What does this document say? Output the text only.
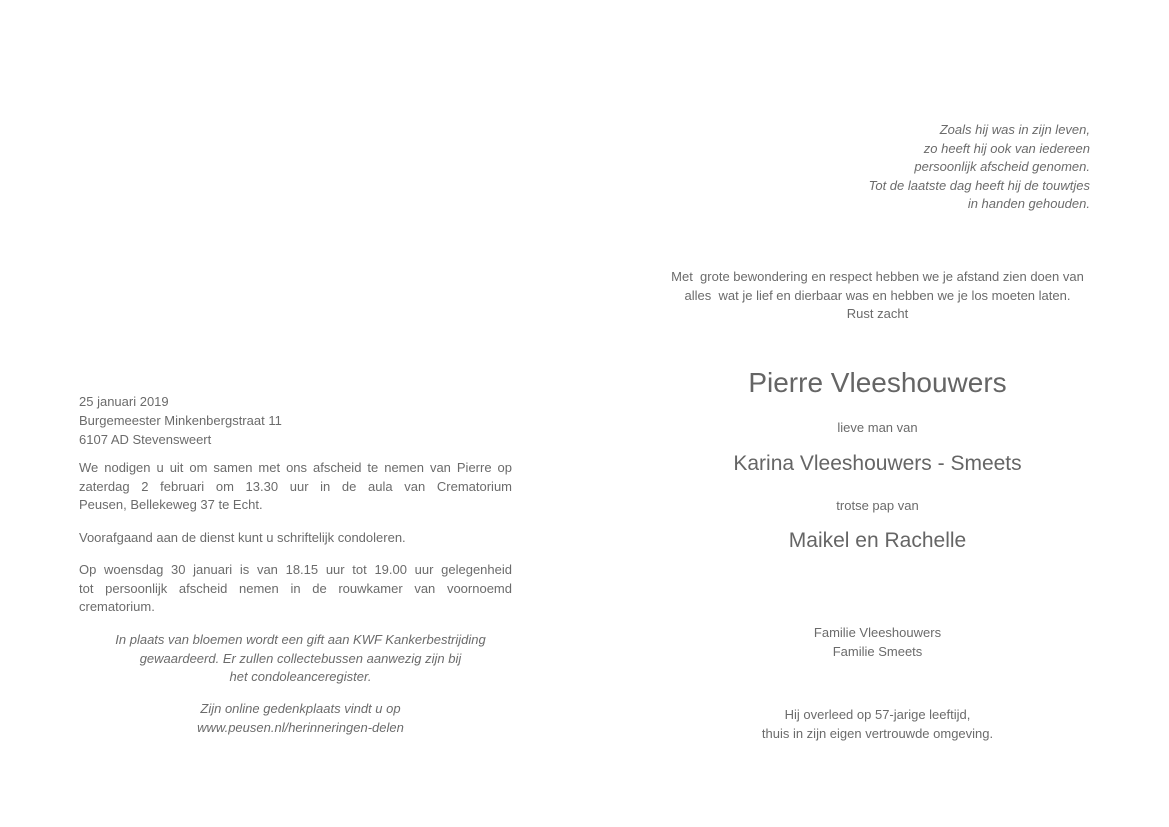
Zoals hij was in zijn leven,
zo heeft hij ook van iedereen
persoonlijk afscheid genomen.
Tot de laatste dag heeft hij de touwtjes
in handen gehouden.
Met  grote bewondering en respect hebben we je afstand zien doen van
alles  wat je lief en dierbaar was en hebben we je los moeten laten.
Rust zacht
Pierre Vleeshouwers
lieve man van
Karina Vleeshouwers - Smeets
trotse pap van
Maikel en Rachelle
Familie Vleeshouwers
Familie Smeets
Hij overleed op 57-jarige leeftijd,
thuis in zijn eigen vertrouwde omgeving.
25 januari 2019
Burgemeester Minkenbergstraat 11
6107 AD Stevensweert
We nodigen u uit om samen met ons afscheid te nemen van Pierre op
zaterdag 2 februari om 13.30 uur in de aula van Crematorium
Peusen, Bellekeweg 37 te Echt.
Voorafgaand aan de dienst kunt u schriftelijk condoleren.
Op woensdag 30 januari is van 18.15 uur tot 19.00 uur gelegenheid
tot persoonlijk afscheid nemen in de rouwkamer van voornoemd
crematorium.
In plaats van bloemen wordt een gift aan KWF Kankerbestrijding
gewaardeerd. Er zullen collectebussen aanwezig zijn bij
het condoleanceregister.
Zijn online gedenkplaats vindt u op
www.peusen.nl/herinneringen-delen
